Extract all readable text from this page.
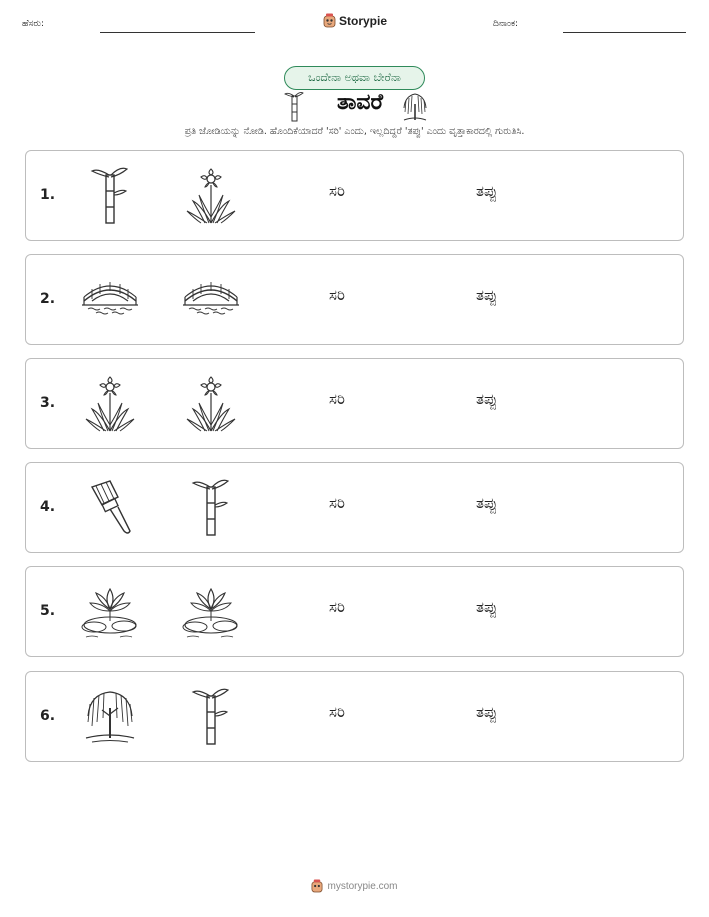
ಹೆಸರು:	Storypie	ದಿನಾಂಕ:
ಒಂದೇನಾ ಅಥವಾ ಬೇರೆನಾ
ತಾವರೆ
ಪ್ರತಿ ಜೋಡಿಯನ್ನು ನೋಡಿ. ಹೊಂದಿಕೆಯಾದರೆ 'ಸರಿ' ಎಂದು, ಇಲ್ಲದಿದ್ದರೆ 'ತಪ್ಪು' ಎಂದು ವೃತ್ತಾಕಾರದಲ್ಲಿ ಗುರುತಿಸಿ.
1.	ಸರಿ	ತಪ್ಪು
2.	ಸರಿ	ತಪ್ಪು
3.	ಸರಿ	ತಪ್ಪು
4.	ಸರಿ	ತಪ್ಪು
5.	ಸರಿ	ತಪ್ಪು
6.	ಸರಿ	ತಪ್ಪು
mystorypie.com
